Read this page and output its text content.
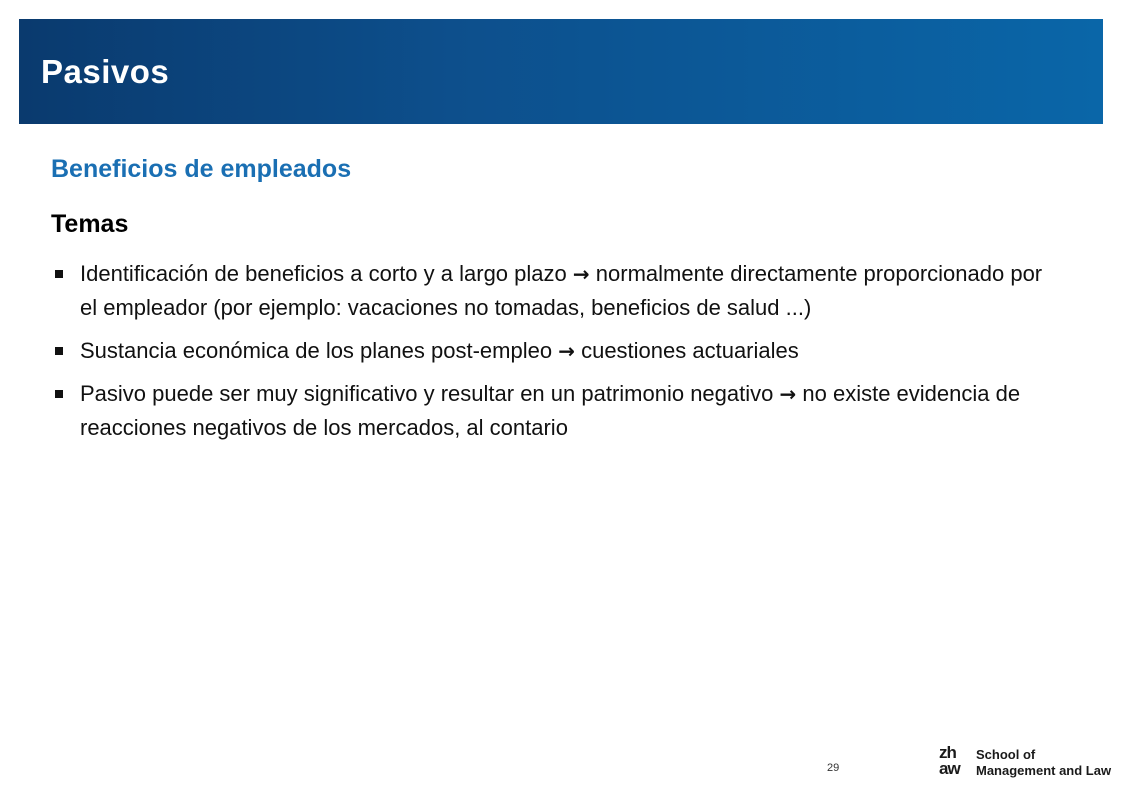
Pasivos
Beneficios de empleados
Temas
Identificación de beneficios a corto y a largo plazo → normalmente directamente proporcionado por el empleador (por ejemplo: vacaciones no tomadas, beneficios de salud ...)
Sustancia económica de los planes post-empleo → cuestiones actuariales
Pasivo puede ser muy significativo y resultar en un patrimonio negativo → no existe evidencia de reacciones negativos de los mercados, al contario
29
zh
aw
School of
Management and Law
